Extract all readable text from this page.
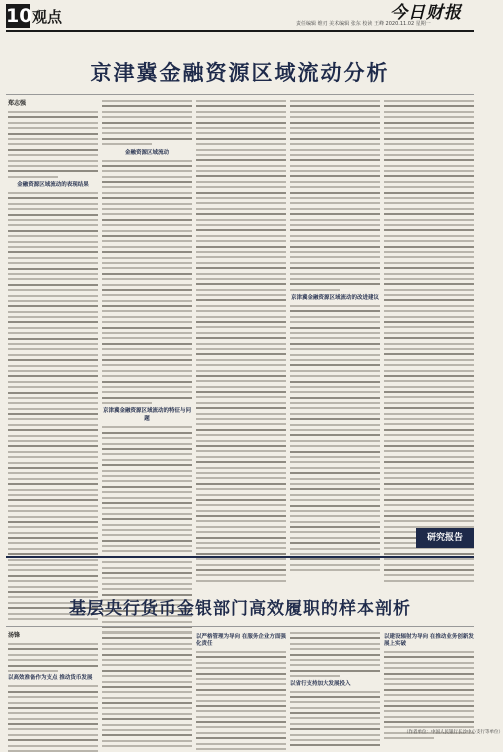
10 观点	责任编辑 维刃 美术编辑 张东 校读 王峰 2020.11.02 星期一
今日财报
京津冀金融资源区域流动分析
郑志强
金融资源区域流动的表现结果
金融资源区域流动
京津冀金融资源区域流动的特征与问题
京津冀金融资源区域流动的改进建议
研究报告
基层央行货币金银部门高效履职的样本剖析
汤锋
以高效准备作为支点 推动货币发展
以严格管理为导向 在服务企业方面强化责任
以省行支持加大发展投入
以建设辐射为导向 在推动业务创新发展上实破
（作者单位：中国人民银行长沙中心支行等单位）
